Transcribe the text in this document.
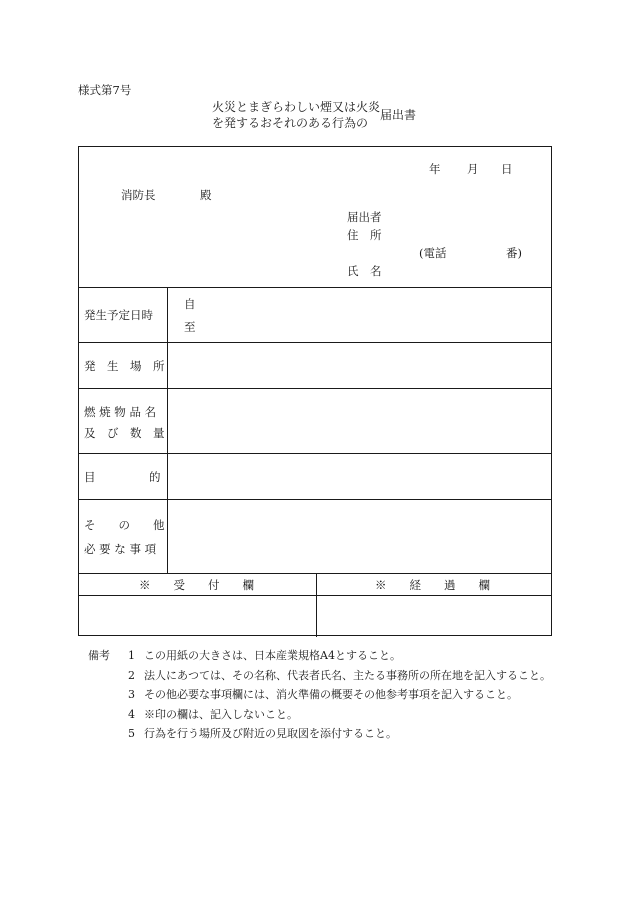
様式第7号
火災とまぎらわしい煙又は火炎
を発するおそれのある行為の
届出書
年 月 日
消防長	殿
届出者
住　所
(電話	番)
氏　名
発生予定日時
自
至
発　生　場　所
燃 焼 物 品 名
及　び　数　量
目	的
そ　　の　　他
必 要 な 事 項
※　　受　　付　　欄	※　　経　　過　　欄
備考	1 この用紙の大きさは、日本産業規格A4とすること。
2 法人にあつては、その名称、代表者氏名、主たる事務所の所在地を記入すること。
3 その他必要な事項欄には、消火準備の概要その他参考事項を記入すること。
4 ※印の欄は、記入しないこと。
5 行為を行う場所及び附近の見取図を添付すること。
